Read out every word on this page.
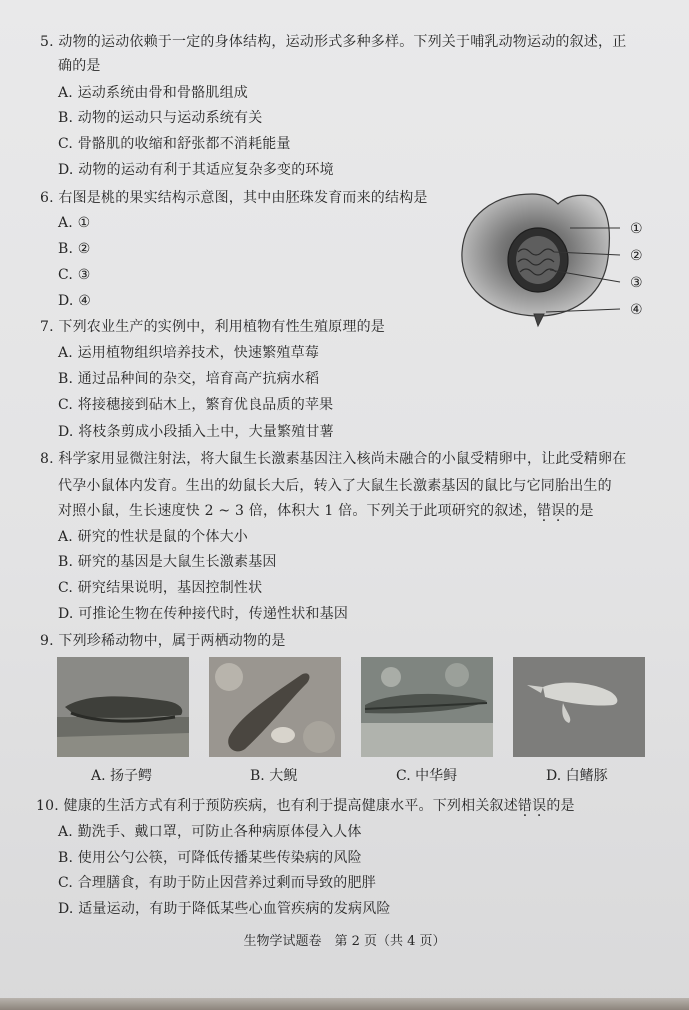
5. 动物的运动依赖于一定的身体结构，运动形式多种多样。下列关于哺乳动物运动的叙述，正
确的是
A. 运动系统由骨和骨骼肌组成
B. 动物的运动只与运动系统有关
C. 骨骼肌的收缩和舒张都不消耗能量
D. 动物的运动有利于其适应复杂多变的环境
6. 右图是桃的果实结构示意图，其中由胚珠发育而来的结构是
A. ①
B. ②
C. ③
D. ④
①
②
③
④
7. 下列农业生产的实例中，利用植物有性生殖原理的是
A. 运用植物组织培养技术，快速繁殖草莓
B. 通过品种间的杂交，培育高产抗病水稻
C. 将接穗接到砧木上，繁育优良品质的苹果
D. 将枝条剪成小段插入土中，大量繁殖甘薯
8. 科学家用显微注射法，将大鼠生长激素基因注入核尚未融合的小鼠受精卵中，让此受精卵在
代孕小鼠体内发育。生出的幼鼠长大后，转入了大鼠生长激素基因的鼠比与它同胎出生的
对照小鼠，生长速度快 2 ~ 3 倍，体积大 1 倍。下列关于此项研究的叙述，错误的是
A. 研究的性状是鼠的个体大小
B. 研究的基因是大鼠生长激素基因
C. 研究结果说明，基因控制性状
D. 可推论生物在传种接代时，传递性状和基因
9. 下列珍稀动物中，属于两栖动物的是
A. 扬子鳄	B. 大鲵	C. 中华鲟	D. 白鳍豚
10. 健康的生活方式有利于预防疾病，也有利于提高健康水平。下列相关叙述错误的是
A. 勤洗手、戴口罩，可防止各种病原体侵入人体
B. 使用公勺公筷，可降低传播某些传染病的风险
C. 合理膳食，有助于防止因营养过剩而导致的肥胖
D. 适量运动，有助于降低某些心血管疾病的发病风险
生物学试题卷　第 2 页（共 4 页）
